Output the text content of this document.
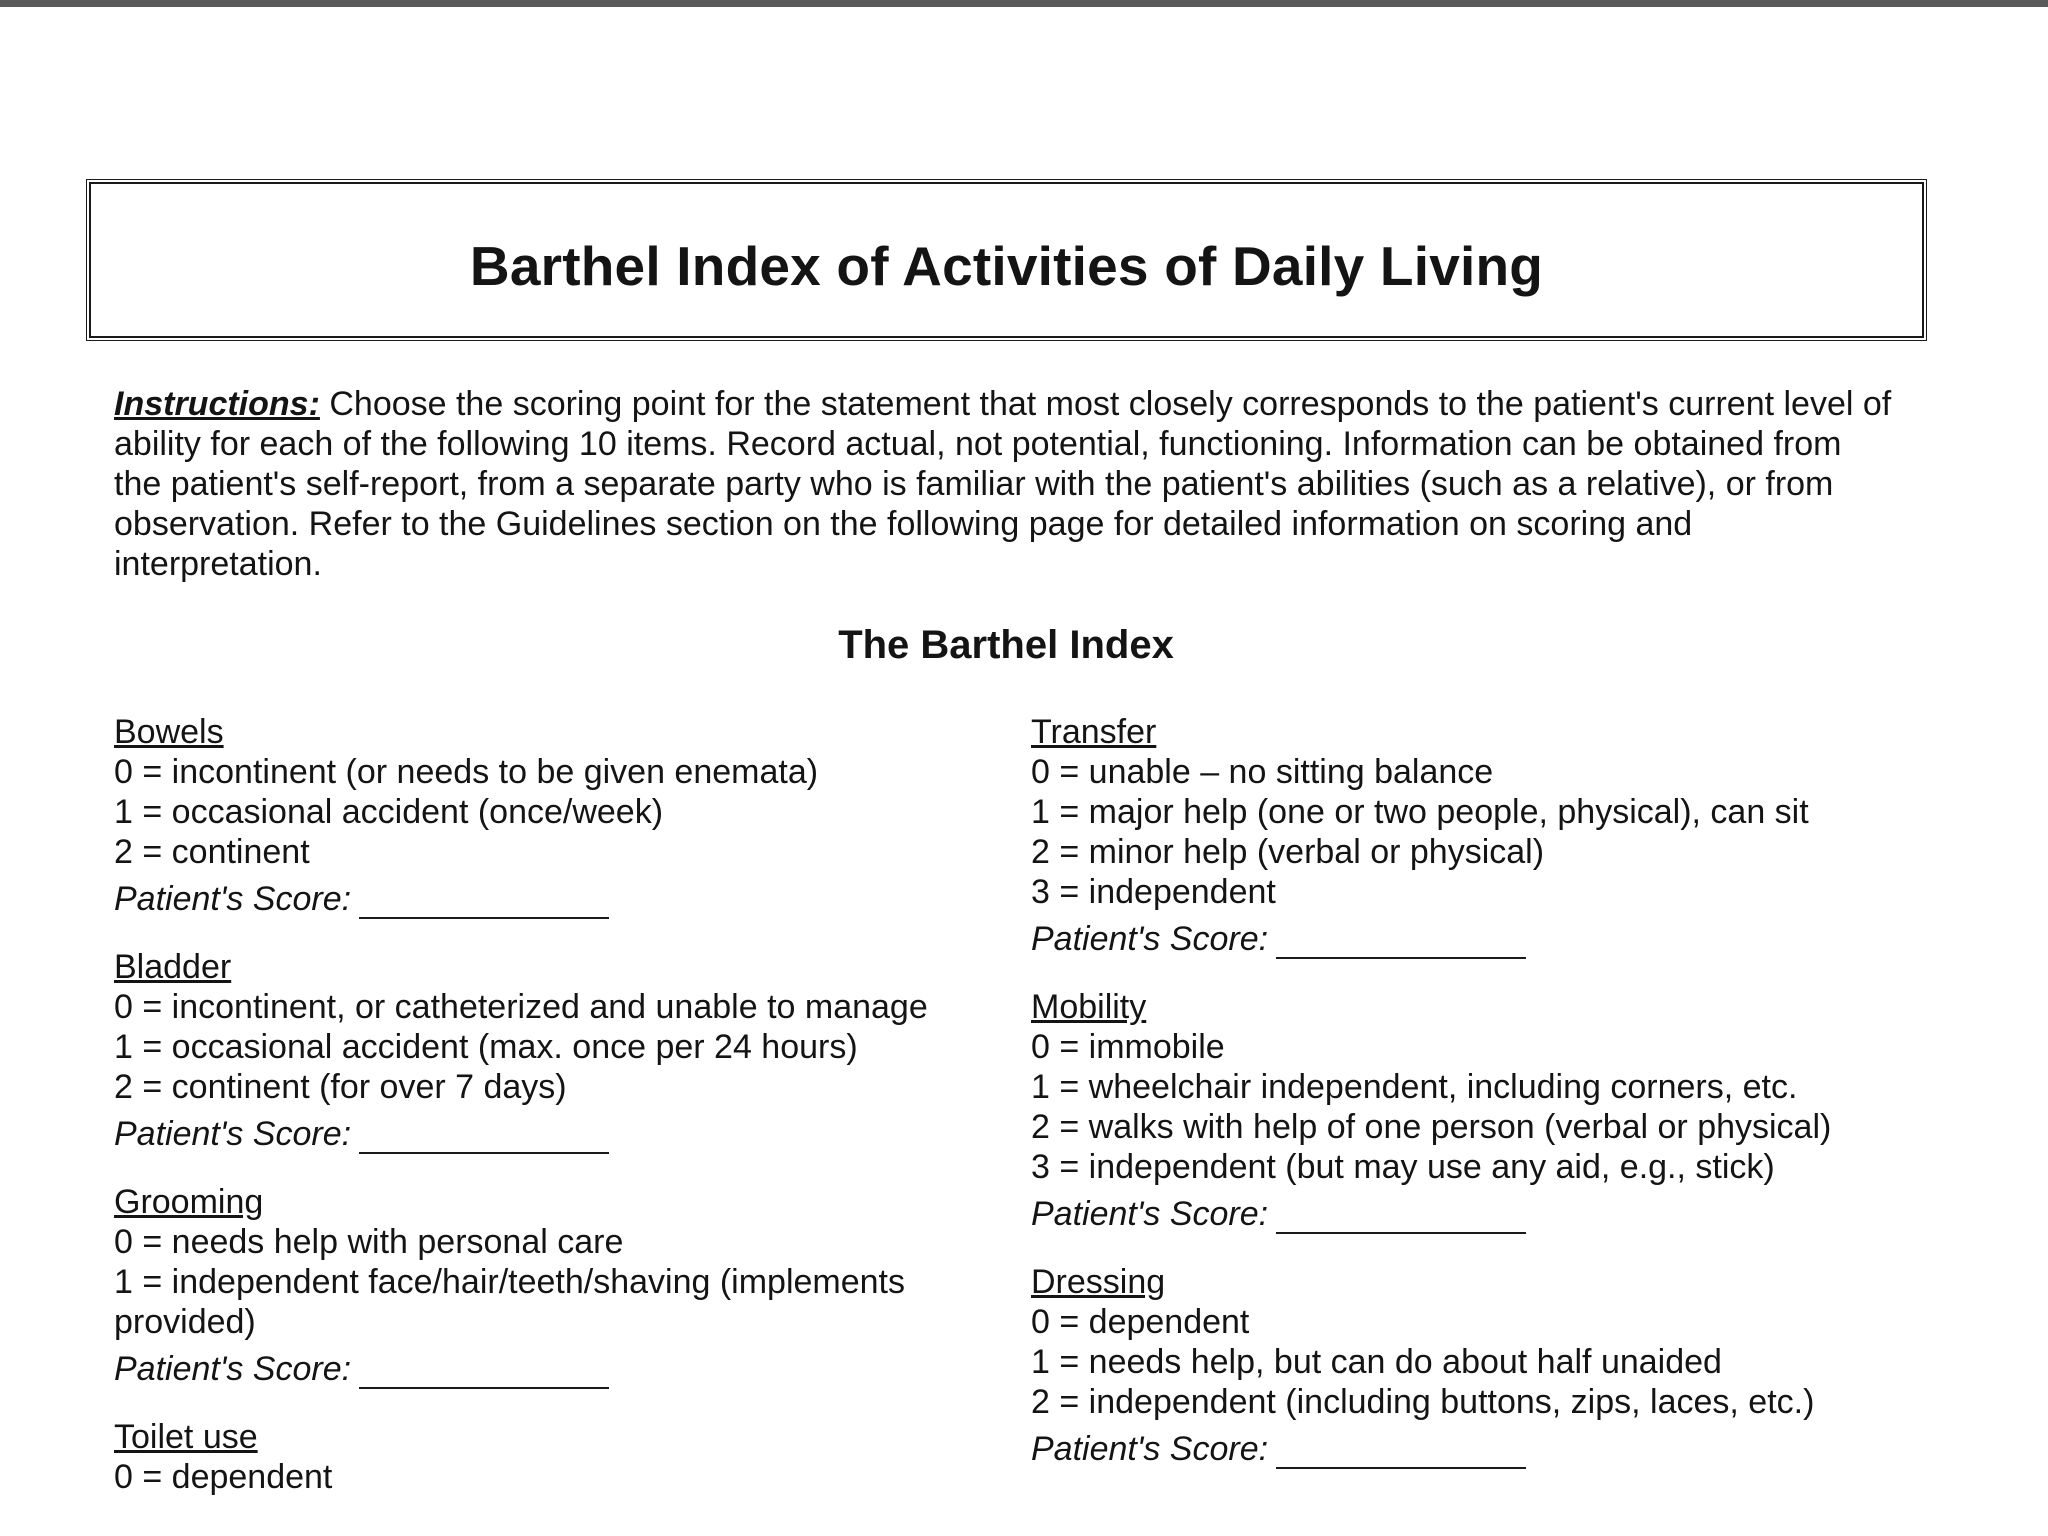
Barthel Index of Activities of Daily Living
Instructions: Choose the scoring point for the statement that most closely corresponds to the patient's current level of ability for each of the following 10 items. Record actual, not potential, functioning. Information can be obtained from the patient's self-report, from a separate party who is familiar with the patient's abilities (such as a relative), or from observation. Refer to the Guidelines section on the following page for detailed information on scoring and interpretation.
The Barthel Index
Bowels
0 = incontinent (or needs to be given enemata)
1 = occasional accident (once/week)
2 = continent
Patient's Score:
Bladder
0 = incontinent, or catheterized and unable to manage
1 = occasional accident (max. once per 24 hours)
2 = continent (for over 7 days)
Patient's Score:
Grooming
0 = needs help with personal care
1 = independent face/hair/teeth/shaving (implements provided)
Patient's Score:
Toilet use
0 = dependent
Transfer
0 = unable – no sitting balance
1 = major help (one or two people, physical), can sit
2 = minor help (verbal or physical)
3 = independent
Patient's Score:
Mobility
0 = immobile
1 = wheelchair independent, including corners, etc.
2 = walks with help of one person (verbal or physical)
3 = independent (but may use any aid, e.g., stick)
Patient's Score:
Dressing
0 = dependent
1 = needs help, but can do about half unaided
2 = independent (including buttons, zips, laces, etc.)
Patient's Score:
